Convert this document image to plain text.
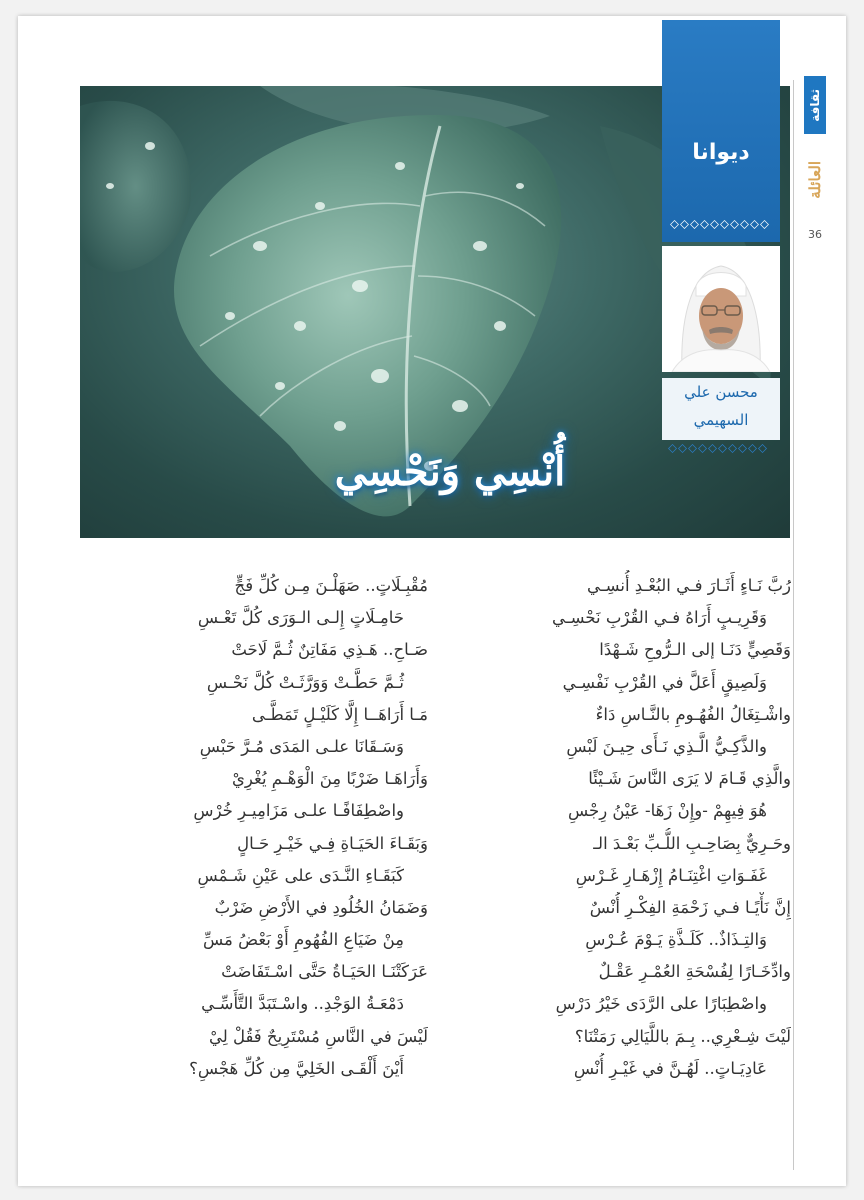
ثقافة
العائلة
36
ديوانا
محسن علي
السهيمي
أُنْسِي وَنَحْسِي
رُبَّ نَـاءٍ أَثَـارَ فـي البُعْـدِ أُنسِـي
وَقَرِيـبٍ أَرَاهُ فـي القُرْبِ نَحْسِـي
وَقَصِيٍّ دَنَـا إلى الـرُّوحِ شَـهْدًا
وَلَصِيقٍ أَعَلَّ في القُرْبِ نَفْسِـي
واشْـتِغَالُ الفُهُـومِ بالنَّـاسِ دَاءٌ
والذَّكِـيُّ الَّـذِي نَـأَى حِيـنَ لَبْسِ
والَّذِي قَـامَ لا يَرَى النَّاسَ شَـيْئًا
هُوَ فِيهِمْ -وإِنْ زَهَا- عَيْنُ رِجْسِ
وحَـرِيٌّ بِصَاحِـبِ اللُّـبِّ بَعْـدَ الـ
غَفَـوَاتِ اغْتِنَـامُ إِزْهَـارِ غَـرْسِ
إِنَّ نَأْيًـا فـي زَحْمَةِ الفِكْـرِ أُنْسٌ
وَالتِـذَاذٌ.. كَلَـذَّةِ يَـوْمَ عُـرْسِ
وادِّخَـارًا لِفُسْحَةِ العُمْـرِ عَقْـلٌ
واصْطِبَارًا على الرَّدَى خَيْرُ دَرْسِ
لَيْتَ شِـعْرِي.. بِـمَ باللَّيَالِي رَمَتْنَا؟
عَادِيَـاتٍ.. لَهُـنَّ في غَيْـرِ أُنْسِ
مُقْبِـلَاتٍ.. صَهَلْـنَ مِـن كُلِّ فَجٍّ
حَامِـلَاتٍ إِلـى الـوَرَى كُلَّ تَعْـسِ
صَـاحِ.. هَـذِي مَفَاتِنٌ ثُـمَّ لَاحَتْ
ثُـمَّ حَطَّـتْ وَوَرَّثَـتْ كُلَّ نَحْـسِ
مَـا أَرَاهَــا إِلَّا كَلَيْـلٍ تَمَطَّـى
وَسَـقَانَا علـى المَدَى مُـرَّ حَبْسِ
وَأَرَاهَـا ضَرْبًا مِنَ الْوَهْـمِ يُغْرِيْ
واصْطِفَافًـا علـى مَزَامِيـرِ خُرْسِ
وَبَقَـاءَ الحَيَـاةِ فِـي خَيْـرِ حَـالٍ
كَبَقَـاءِ النَّـدَى على عَيْنِ شَـمْسِ
وَضَمَانُ الخُلُودِ في الأَرْضِ ضَرْبٌ
مِنْ ضَيَاعِ الفُهُومِ أَوْ بَعْضُ مَسِّ
عَرَكَتْنَـا الحَيَـاةُ حَتَّى اسْـتَفَاضَتْ
دَمْعَـةُ الوَجْدِ.. واسْـتَبَدَّ التَّأَسِّـي
لَيْسَ في النَّاسِ مُسْتَرِيحٌ فَقُلْ لِيْ
أَيْنَ أَلْقَـى الخَلِيَّ مِن كُلِّ هَجْسِ؟
